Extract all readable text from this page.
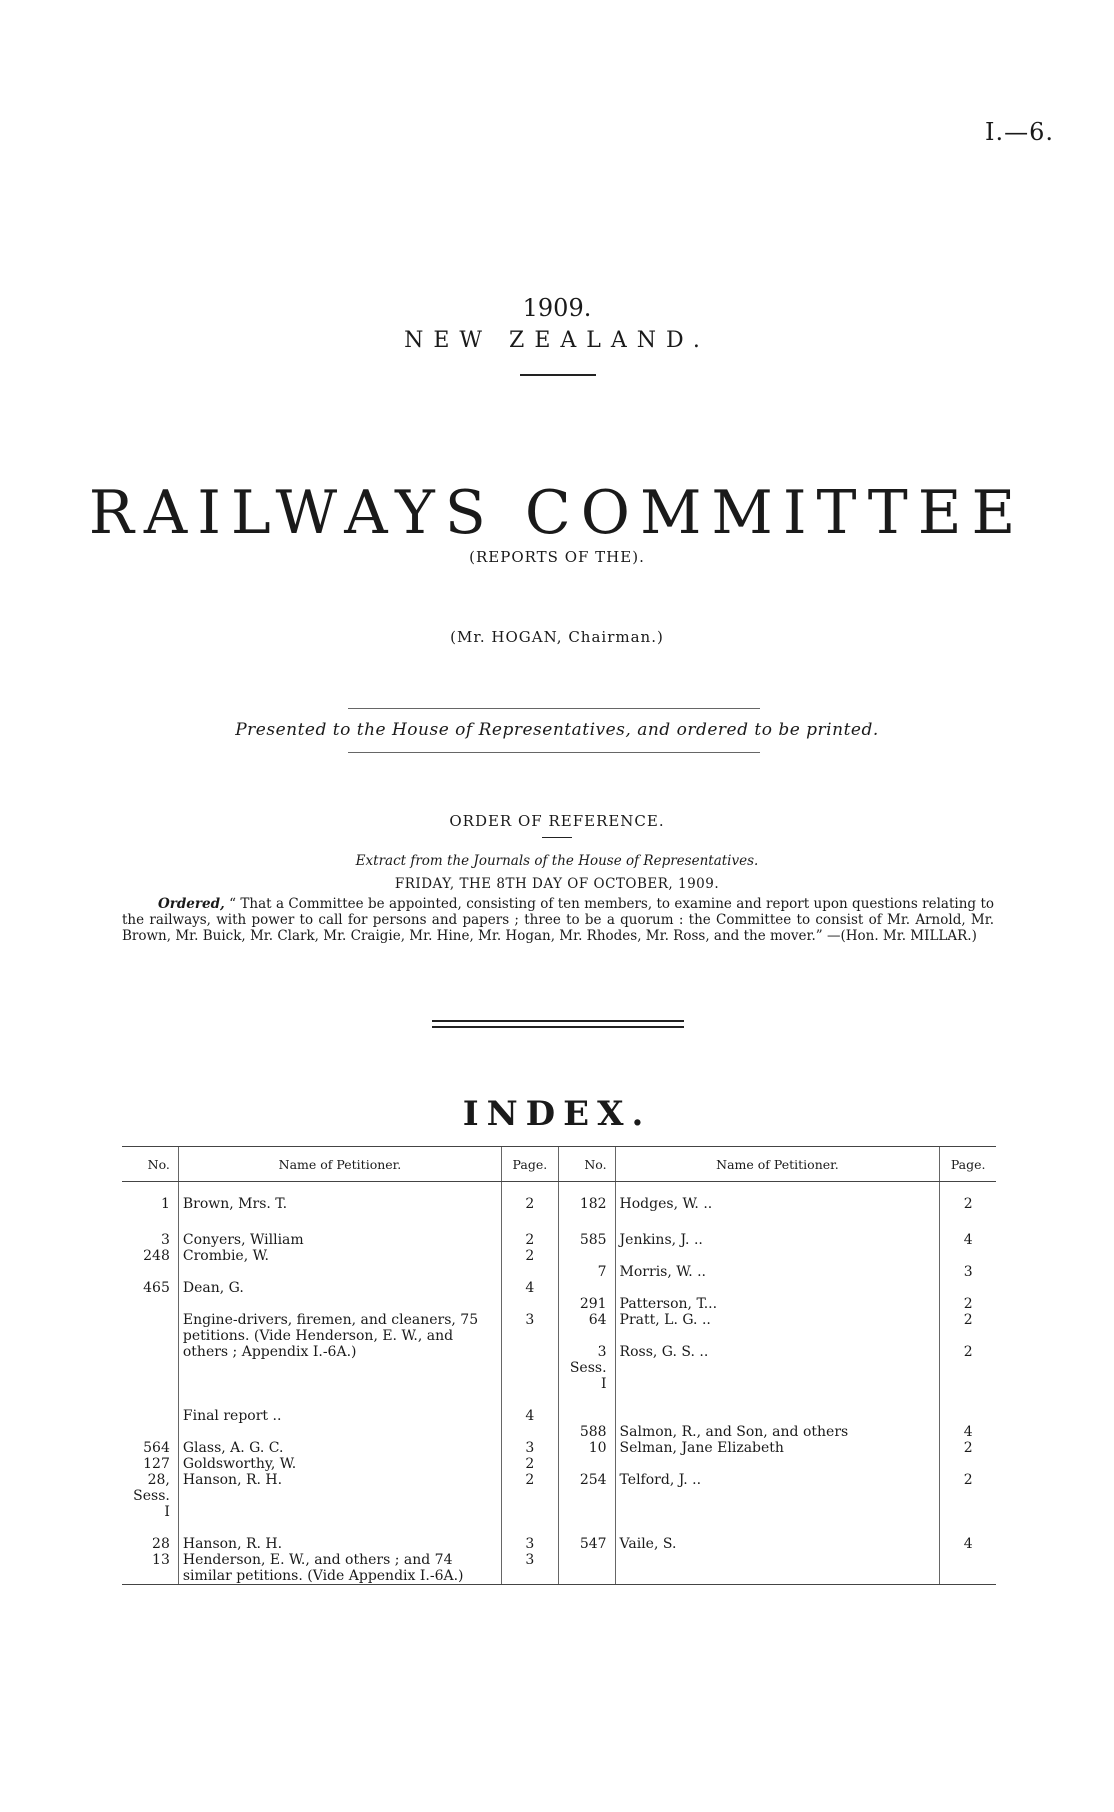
I.—6.
1909.
NEW ZEALAND.
RAILWAYS COMMITTEE
(REPORTS OF THE).
(Mr. HOGAN, Chairman.)
Presented to the House of Representatives, and ordered to be printed.
ORDER OF REFERENCE.
Extract from the Journals of the House of Representatives.
FRIDAY, THE 8TH DAY OF OCTOBER, 1909.
Ordered, “ That a Committee be appointed, consisting of ten members, to examine and report upon questions relating to the railways, with power to call for persons and papers ; three to be a quorum : the Committee to consist of Mr. Arnold, Mr. Brown, Mr. Buick, Mr. Clark, Mr. Craigie, Mr. Hine, Mr. Hogan, Mr. Rhodes, Mr. Ross, and the mover.” —(Hon. Mr. MILLAR.)
INDEX.
No.	Name of Petitioner.	Page.	No.	Name of Petitioner.	Page.
1	Brown, Mrs. T.	2	182	Hodges, W. ..	2

3	Conyers, William	2	585	Jenkins, J. ..	4
248	Crombie, W.	2			
			7	Morris, W. ..	3
465	Dean, G.	4			
			291	Patterson, T...	2
	Engine-drivers, firemen, and cleaners, 75	3	64	Pratt, L. G. ..	2
	petitions. (Vide Henderson, E. W., and				
	others ; Appendix I.-6A.)		3 Sess. I	Ross, G. S. ..	2

	Final report ..	4			
			588	Salmon, R., and Son, and others	4
564	Glass, A. G. C.	3	10	Selman, Jane Elizabeth	2
127	Goldsworthy, W.	2			
28, Sess. I	Hanson, R. H.	2	254	Telford, J. ..	2

28	Hanson, R. H.	3	547	Vaile, S.	4
13	Henderson, E. W., and others ; and 74	3			
	similar petitions. (Vide Appendix I.-6A.)				
